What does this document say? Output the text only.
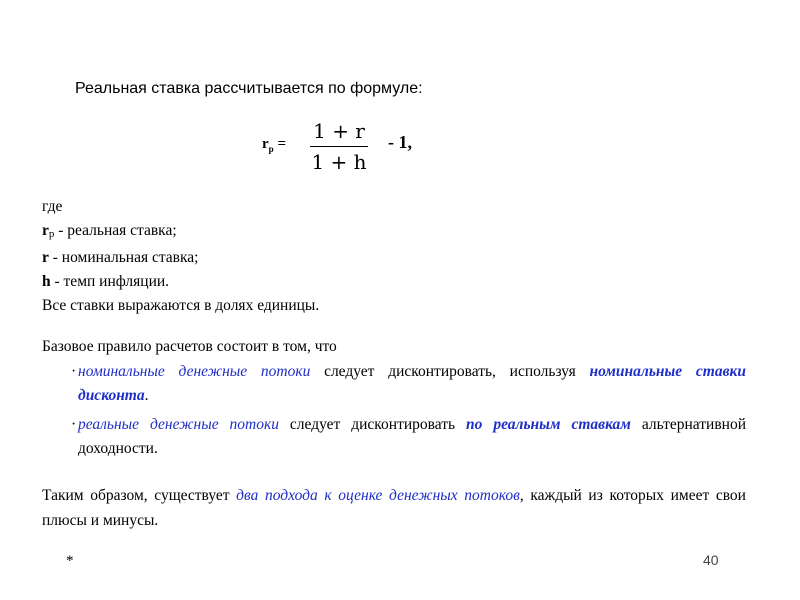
Реальная ставка рассчитывается по формуле:
$r_р$ =
1 + r
1 + h
- 1,
где
$r_р$ - реальная ставка;
r - номинальная ставка;
h - темп инфляции.
Все ставки выражаются в долях единицы.
Базовое правило расчетов состоит в том, что
· номинальные денежные потоки следует дисконтировать, используя номинальные ставки дисконта.
· реальные денежные потоки следует дисконтировать по реальным ставкам альтернативной доходности.
Таким образом, существует два подхода к оценке денежных потоков, каждый из которых имеет свои плюсы и минусы.
*	40
